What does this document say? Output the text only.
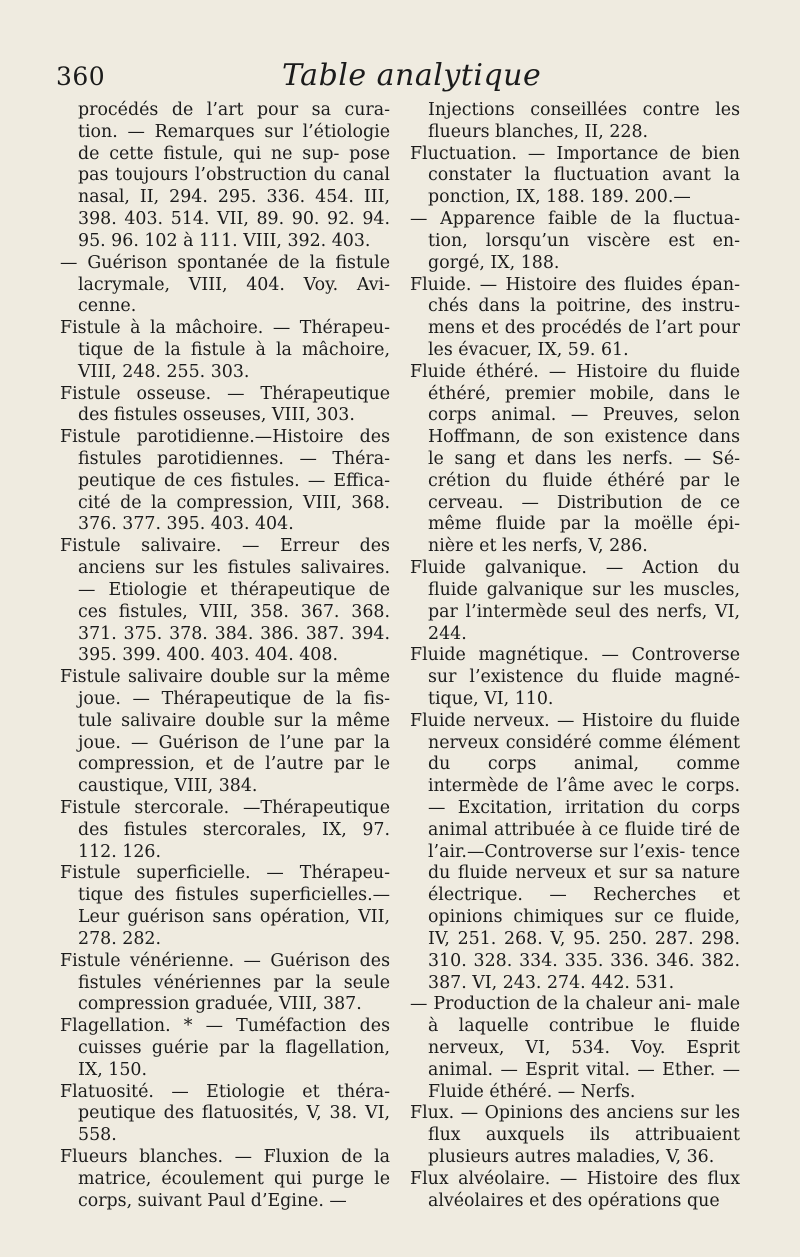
360	Table analytique

procédés de l’art pour sa cura- tion. — Remarques sur l’étiologie de cette fistule, qui ne sup- pose pas toujours l’obstruction du canal nasal, II, 294. 295. 336. 454. III, 398. 403. 514. VII, 89. 90. 92. 94. 95. 96. 102 à 111. VIII, 392. 403.

— Guérison spontanée de la fistule lacrymale, VIII, 404. Voy. Avi- cenne.

Fistule à la mâchoire. — Thérapeu- tique de la fistule à la mâchoire, VIII, 248. 255. 303.

Fistule osseuse. — Thérapeutique des fistules osseuses, VIII, 303.

Fistule parotidienne.—Histoire des fistules parotidiennes. — Théra- peutique de ces fistules. — Effica- cité de la compression, VIII, 368. 376. 377. 395. 403. 404.

Fistule salivaire. — Erreur des anciens sur les fistules salivaires. — Etiologie et thérapeutique de ces fistules, VIII, 358. 367. 368. 371. 375. 378. 384. 386. 387. 394. 395. 399. 400. 403. 404. 408.

Fistule salivaire double sur la même joue. — Thérapeutique de la fis- tule salivaire double sur la même joue. — Guérison de l’une par la compression, et de l’autre par le caustique, VIII, 384.

Fistule stercorale. —Thérapeutique des fistules stercorales, IX, 97. 112. 126.

Fistule superficielle. — Thérapeu- tique des fistules superficielles.— Leur guérison sans opération, VII, 278. 282.

Fistule vénérienne. — Guérison des fistules vénériennes par la seule compression graduée, VIII, 387.

Flagellation. * — Tuméfaction des cuisses guérie par la flagellation, IX, 150.

Flatuosité. — Etiologie et théra- peutique des flatuosités, V, 38. VI, 558.

Flueurs blanches. — Fluxion de la matrice, écoulement qui purge le corps, suivant Paul d’Egine. —

Injections conseillées contre les flueurs blanches, II, 228.

Fluctuation. — Importance de bien constater la fluctuation avant la ponction, IX, 188. 189. 200.—

— Apparence faible de la fluctua- tion, lorsqu’un viscère est en- gorgé, IX, 188.

Fluide. — Histoire des fluides épan- chés dans la poitrine, des instru- mens et des procédés de l’art pour les évacuer, IX, 59. 61.

Fluide éthéré. — Histoire du fluide éthéré, premier mobile, dans le corps animal. — Preuves, selon Hoffmann, de son existence dans le sang et dans les nerfs. — Sé- crétion du fluide éthéré par le cerveau. — Distribution de ce même fluide par la moëlle épi- nière et les nerfs, V, 286.

Fluide galvanique. — Action du fluide galvanique sur les muscles, par l’intermède seul des nerfs, VI, 244.

Fluide magnétique. — Controverse sur l’existence du fluide magné- tique, VI, 110.

Fluide nerveux. — Histoire du fluide nerveux considéré comme élément du corps animal, comme intermède de l’âme avec le corps. — Excitation, irritation du corps animal attribuée à ce fluide tiré de l’air.—Controverse sur l’exis- tence du fluide nerveux et sur sa nature électrique. — Recherches et opinions chimiques sur ce fluide, IV, 251. 268. V, 95. 250. 287. 298. 310. 328. 334. 335. 336. 346. 382. 387. VI, 243. 274. 442. 531.

— Production de la chaleur ani- male à laquelle contribue le fluide nerveux, VI, 534. Voy. Esprit animal. — Esprit vital. — Ether. — Fluide éthéré. — Nerfs.

Flux. — Opinions des anciens sur les flux auxquels ils attribuaient plusieurs autres maladies, V, 36.

Flux alvéolaire. — Histoire des flux alvéolaires et des opérations que
